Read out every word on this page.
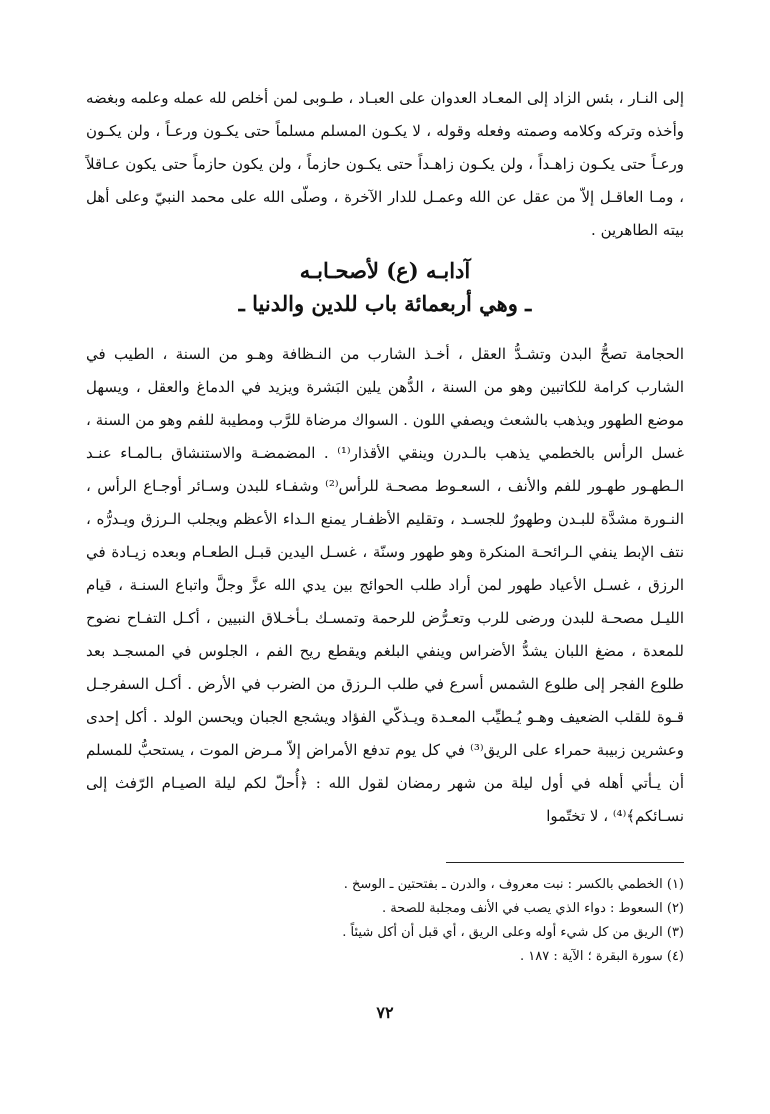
إلى النـار ، بئس الزاد إلى المعـاد العدوان على العبـاد ، طـوبى لمن أخلص لله عمله وعلمه وبغضه وأخذه وتركه وكلامه وصمته وفعله وقوله ، لا يكـون المسلم مسلماً حتى يكـون ورعـاً ، ولن يكـون ورعـاً حتى يكـون زاهـداً ، ولن يكـون زاهـداً حتى يكـون حازماً ، ولن يكون حازماً حتى يكون عـاقلاً ، ومـا العاقـل إلاّ من عقل عن الله وعمـل للدار الآخرة ، وصلّى الله على محمد النبيّ وعلى أهل بيته الطاهرين .

آدابـه (ع) لأصحـابـه
ـ وهي أربعمائة باب للدين والدنيا ـ

الحجامة تصحُّ البدن وتشـدُّ العقل ، أخـذ الشارب من النـظافة وهـو من السنة ، الطيب في الشارب كرامة للكاتبين وهو من السنة ، الدُّهن يلين البَشرة ويزيد في الدماغ والعقل ، ويسهل موضع الطهور ويذهب بالشعث ويصفي اللون . السواك مرضاة للرَّب ومطيبة للفم وهو من السنة ، غسل الرأس بالخطمي يذهب بالـدرن وينقي الأقذار⁽¹⁾ . المضمضـة والاستنشاق بـالمـاء عنـد الـطهـور طهـور للفم والأنف ، السعـوط مصحـة للرأس⁽²⁾ وشفـاء للبدن وسـائر أوجـاع الرأس ، النـورة مشدَّة للبـدن وطهورٌ للجسـد ، وتقليم الأظفـار يمنع الـداء الأعظم ويجلب الـرزق ويـدرُّه ، نتف الإبط ينفي الـرائحـة المنكرة وهو طهور وسنّة ، غسـل اليدين قبـل الطعـام وبعده زيـادة في الرزق ، غسـل الأعياد طهور لمن أراد طلب الحوائج بين يدي الله عزَّ وجلَّ واتباع السنـة ، قيام الليـل مصحـة للبدن ورضى للرب وتعـرُّض للرحمة وتمسـك بـأخـلاق النبيين ، أكـل التفـاح نضوح للمعدة ، مضغ اللبان يشدُّ الأضراس وينفي البلغم ويقطع ريح الفم ، الجلوس في المسجـد بعد طلوع الفجر إلى طلوع الشمس أسرع في طلب الـرزق من الضرب في الأرض . أكـل السفرجـل قـوة للقلب الضعيف وهـو يُـطيِّب المعـدة ويـذكّي الفؤاد ويشجع الجبان ويحسن الولد . أكل إحدى وعشرين زبيبة حمراء على الريق⁽³⁾ في كل يوم تدفع الأمراض إلاّ مـرض الموت ، يستحبُّ للمسلم أن يـأتي أهله في أول ليلة من شهر رمضان لقول الله : ﴿أُحلّ لكم ليلة الصيـام الرّفث إلى نسـائكم﴾⁽⁴⁾ ، لا تختّموا

(١) الخطمي بالكسر : نبت معروف ، والدرن ـ بفتحتين ـ الوسخ .
(٢) السعوط : دواء الذي يصب في الأنف ومجلبة للصحة .
(٣) الريق من كل شيء أوله وعلى الريق ، أي قبل أن أكل شيئاً .
(٤) سورة البقرة ؛ الآية : ١٨٧ .
٧٢
